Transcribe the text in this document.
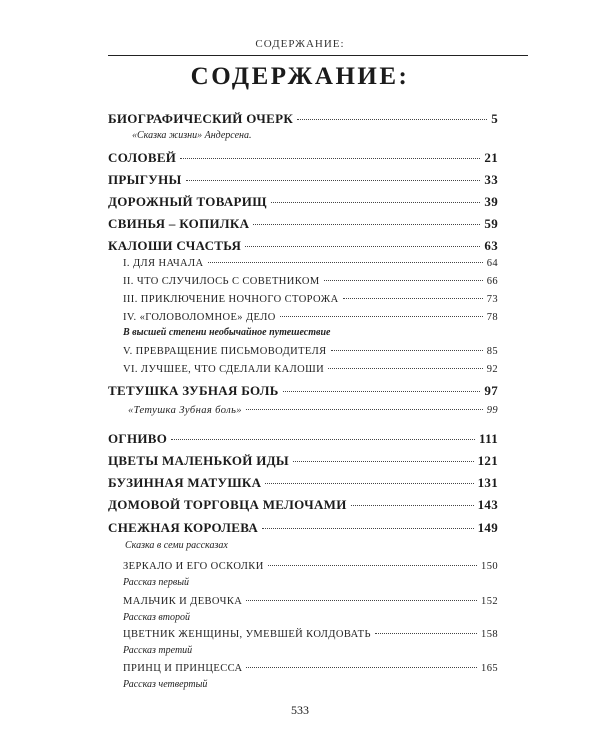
СОДЕРЖАНИЕ:
СОДЕРЖАНИЕ:
БИОГРАФИЧЕСКИЙ ОЧЕРК	5
«Сказка жизни» Андерсена.
СОЛОВЕЙ	21
ПРЫГУНЫ	33
ДОРОЖНЫЙ ТОВАРИЩ	39
СВИНЬЯ – КОПИЛКА	59
КАЛОШИ СЧАСТЬЯ	63
I. ДЛЯ НАЧАЛА	64
II. ЧТО СЛУЧИЛОСЬ С СОВЕТНИКОМ	66
III. ПРИКЛЮЧЕНИЕ НОЧНОГО СТОРОЖА	73
IV. «ГОЛОВОЛОМНОЕ» ДЕЛО	78
В высшей степени необычайное путешествие
V. ПРЕВРАЩЕНИЕ ПИСЬМОВОДИТЕЛЯ	85
VI. ЛУЧШЕЕ, ЧТО СДЕЛАЛИ КАЛОШИ	92
ТЕТУШКА ЗУБНАЯ БОЛЬ	97
«Тетушка Зубная боль»	99
ОГНИВО	111
ЦВЕТЫ МАЛЕНЬКОЙ ИДЫ	121
БУЗИННАЯ МАТУШКА	131
ДОМОВОЙ ТОРГОВЦА МЕЛОЧАМИ	143
СНЕЖНАЯ КОРОЛЕВА	149
Сказка в семи рассказах
ЗЕРКАЛО И ЕГО ОСКОЛКИ	150
Рассказ первый
МАЛЬЧИК И ДЕВОЧКА	152
Рассказ второй
ЦВЕТНИК ЖЕНЩИНЫ, УМЕВШЕЙ КОЛДОВАТЬ	158
Рассказ третий
ПРИНЦ И ПРИНЦЕССА	165
Рассказ четвертый
533
